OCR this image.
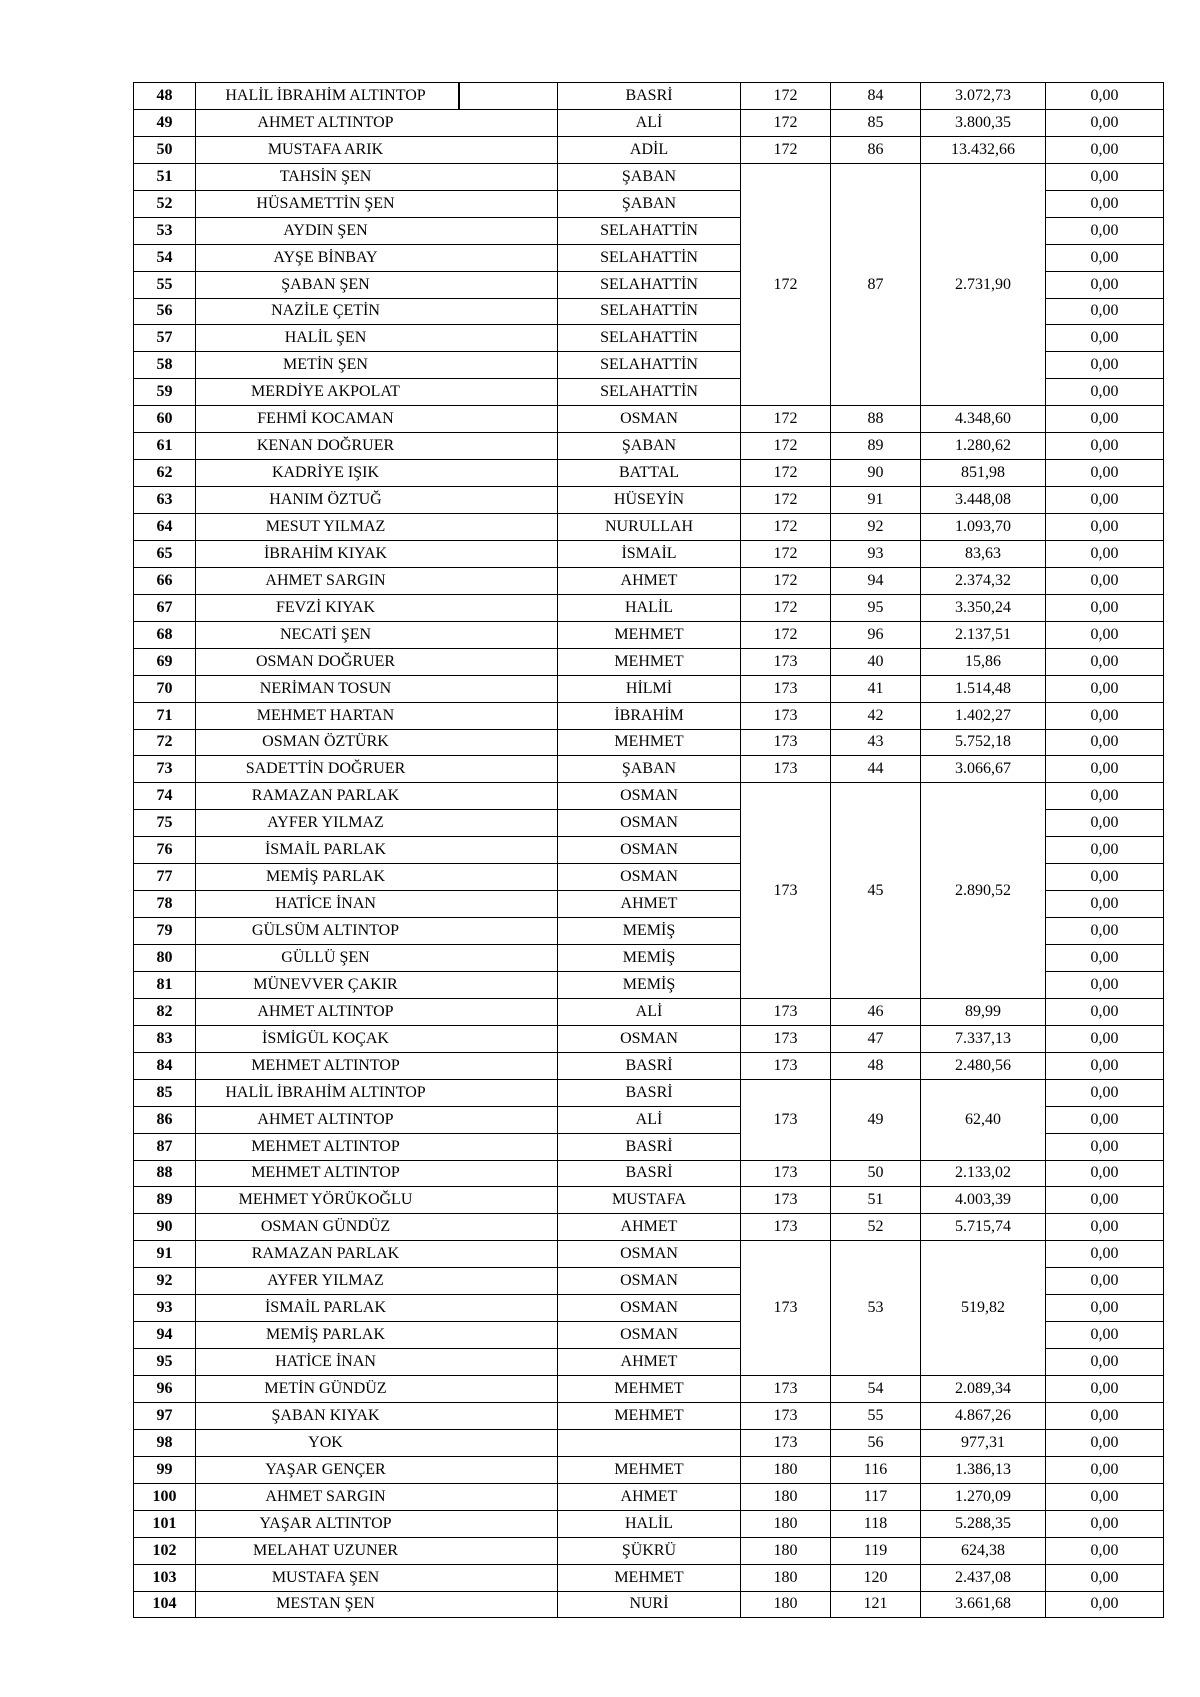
48	HALİL İBRAHİM ALTINTOP	BASRİ	172	84	3.072,73	0,00
49	AHMET ALTINTOP	ALİ	172	85	3.800,35	0,00
50	MUSTAFA ARIK	ADİL	172	86	13.432,66	0,00
51	TAHSİN ŞEN	ŞABAN	172	87	2.731,90	0,00
52	HÜSAMETTİN ŞEN	ŞABAN				0,00
53	AYDIN ŞEN	SELAHATTİN				0,00
54	AYŞE BİNBAY	SELAHATTİN				0,00
55	ŞABAN ŞEN	SELAHATTİN				0,00
56	NAZİLE ÇETİN	SELAHATTİN				0,00
57	HALİL ŞEN	SELAHATTİN				0,00
58	METİN ŞEN	SELAHATTİN				0,00
59	MERDİYE AKPOLAT	SELAHATTİN				0,00
60	FEHMİ KOCAMAN	OSMAN	172	88	4.348,60	0,00
61	KENAN DOĞRUER	ŞABAN	172	89	1.280,62	0,00
62	KADRİYE IŞIK	BATTAL	172	90	851,98	0,00
63	HANIM ÖZTUĞ	HÜSEYİN	172	91	3.448,08	0,00
64	MESUT YILMAZ	NURULLAH	172	92	1.093,70	0,00
65	İBRAHİM KIYAK	İSMAİL	172	93	83,63	0,00
66	AHMET SARGIN	AHMET	172	94	2.374,32	0,00
67	FEVZİ KIYAK	HALİL	172	95	3.350,24	0,00
68	NECATİ ŞEN	MEHMET	172	96	2.137,51	0,00
69	OSMAN DOĞRUER	MEHMET	173	40	15,86	0,00
70	NERİMAN TOSUN	HİLMİ	173	41	1.514,48	0,00
71	MEHMET HARTAN	İBRAHİM	173	42	1.402,27	0,00
72	OSMAN ÖZTÜRK	MEHMET	173	43	5.752,18	0,00
73	SADETTİN DOĞRUER	ŞABAN	173	44	3.066,67	0,00
74	RAMAZAN PARLAK	OSMAN	173	45	2.890,52	0,00
75	AYFER YILMAZ	OSMAN				0,00
76	İSMAİL PARLAK	OSMAN				0,00
77	MEMİŞ PARLAK	OSMAN				0,00
78	HATİCE İNAN	AHMET				0,00
79	GÜLSÜM ALTINTOP	MEMİŞ				0,00
80	GÜLLÜ ŞEN	MEMİŞ				0,00
81	MÜNEVVER ÇAKIR	MEMİŞ				0,00
82	AHMET ALTINTOP	ALİ	173	46	89,99	0,00
83	İSMİGÜL KOÇAK	OSMAN	173	47	7.337,13	0,00
84	MEHMET ALTINTOP	BASRİ	173	48	2.480,56	0,00
85	HALİL İBRAHİM ALTINTOP	BASRİ	173	49	62,40	0,00
86	AHMET ALTINTOP	ALİ				0,00
87	MEHMET ALTINTOP	BASRİ				0,00
88	MEHMET ALTINTOP	BASRİ	173	50	2.133,02	0,00
89	MEHMET YÖRÜKOĞLU	MUSTAFA	173	51	4.003,39	0,00
90	OSMAN GÜNDÜZ	AHMET	173	52	5.715,74	0,00
91	RAMAZAN PARLAK	OSMAN	173	53	519,82	0,00
92	AYFER YILMAZ	OSMAN				0,00
93	İSMAİL PARLAK	OSMAN				0,00
94	MEMİŞ PARLAK	OSMAN				0,00
95	HATİCE İNAN	AHMET				0,00
96	METİN GÜNDÜZ	MEHMET	173	54	2.089,34	0,00
97	ŞABAN KIYAK	MEHMET	173	55	4.867,26	0,00
98	YOK		173	56	977,31	0,00
99	YAŞAR GENÇER	MEHMET	180	116	1.386,13	0,00
100	AHMET SARGIN	AHMET	180	117	1.270,09	0,00
101	YAŞAR ALTINTOP	HALİL	180	118	5.288,35	0,00
102	MELAHAT UZUNER	ŞÜKRÜ	180	119	624,38	0,00
103	MUSTAFA ŞEN	MEHMET	180	120	2.437,08	0,00
104	MESTAN ŞEN	NURİ	180	121	3.661,68	0,00
